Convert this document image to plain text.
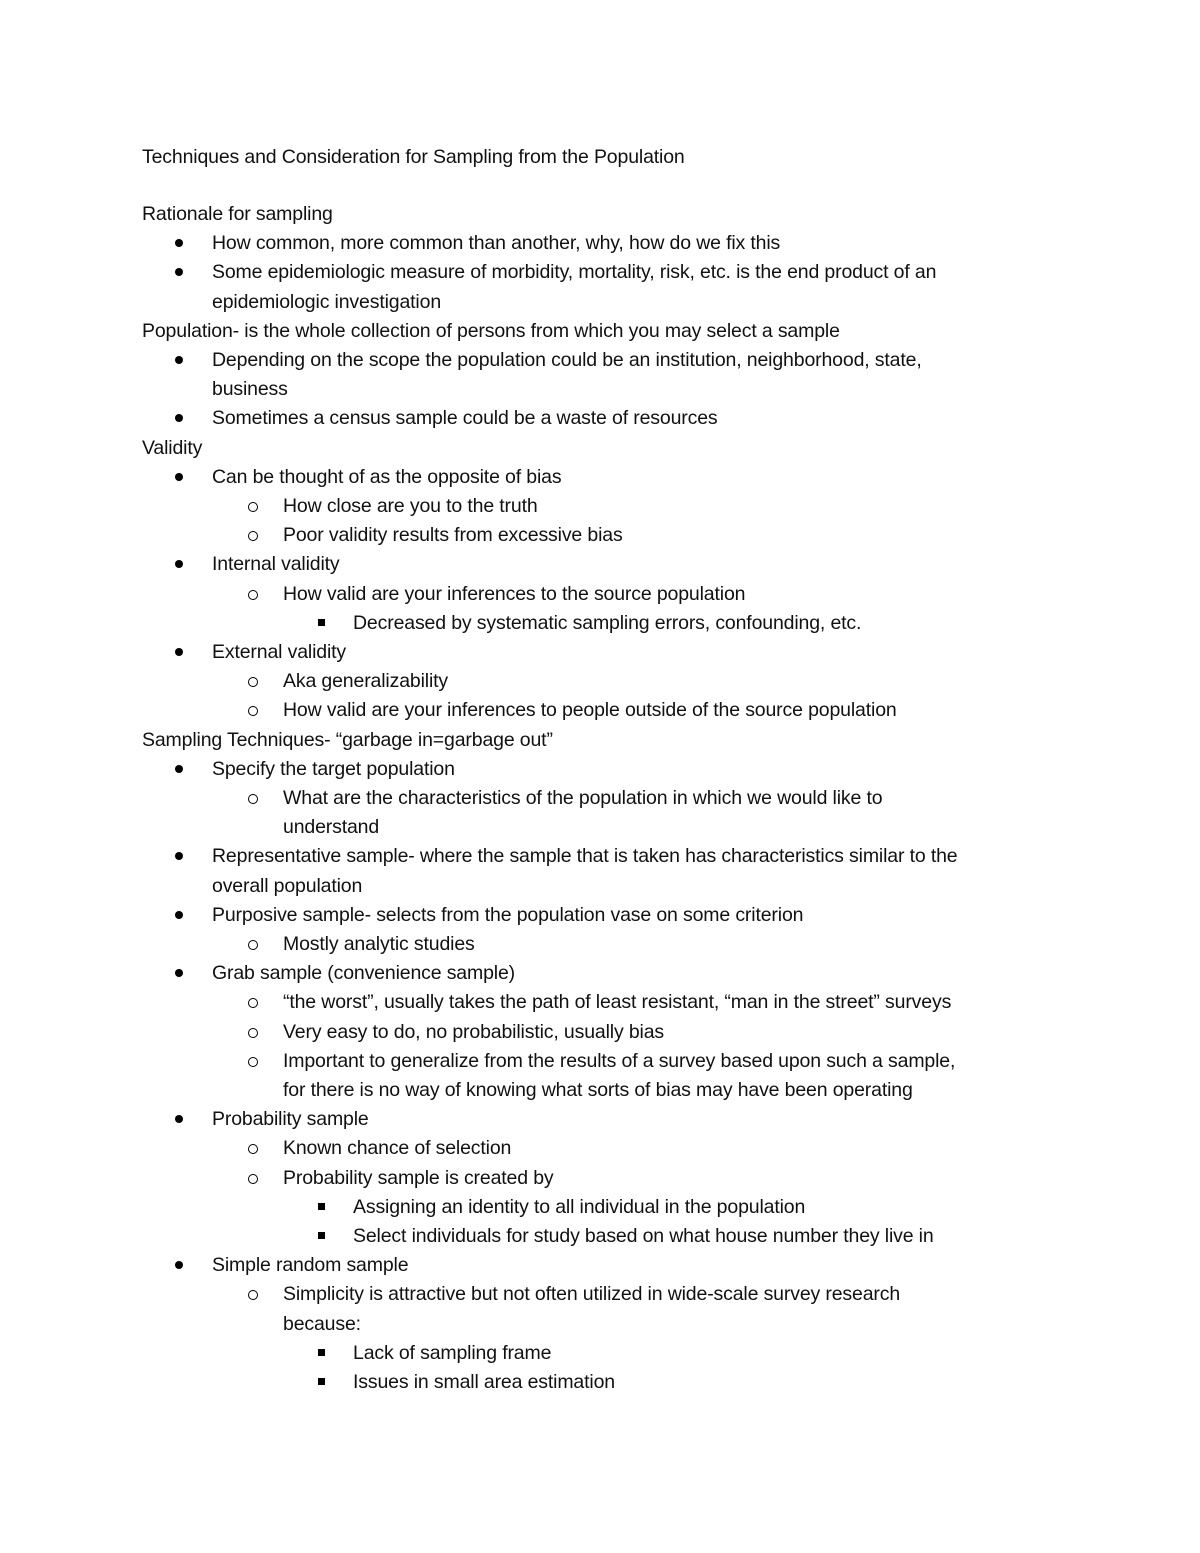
Techniques and Consideration for Sampling from the Population
Rationale for sampling
How common, more common than another, why, how do we fix this
Some epidemiologic measure of morbidity, mortality, risk, etc. is the end product of an
epidemiologic investigation
Population- is the whole collection of persons from which you may select a sample
Depending on the scope the population could be an institution, neighborhood, state,
business
Sometimes a census sample could be a waste of resources
Validity
Can be thought of as the opposite of bias
How close are you to the truth
Poor validity results from excessive bias
Internal validity
How valid are your inferences to the source population
Decreased by systematic sampling errors, confounding, etc.
External validity
Aka generalizability
How valid are your inferences to people outside of the source population
Sampling Techniques- “garbage in=garbage out”
Specify the target population
What are the characteristics of the population in which we would like to
understand
Representative sample- where the sample that is taken has characteristics similar to the
overall population
Purposive sample- selects from the population vase on some criterion
Mostly analytic studies
Grab sample (convenience sample)
“the worst”, usually takes the path of least resistant, “man in the street” surveys
Very easy to do, no probabilistic, usually bias
Important to generalize from the results of a survey based upon such a sample,
for there is no way of knowing what sorts of bias may have been operating
Probability sample
Known chance of selection
Probability sample is created by
Assigning an identity to all individual in the population
Select individuals for study based on what house number they live in
Simple random sample
Simplicity is attractive but not often utilized in wide-scale survey research
because:
Lack of sampling frame
Issues in small area estimation
